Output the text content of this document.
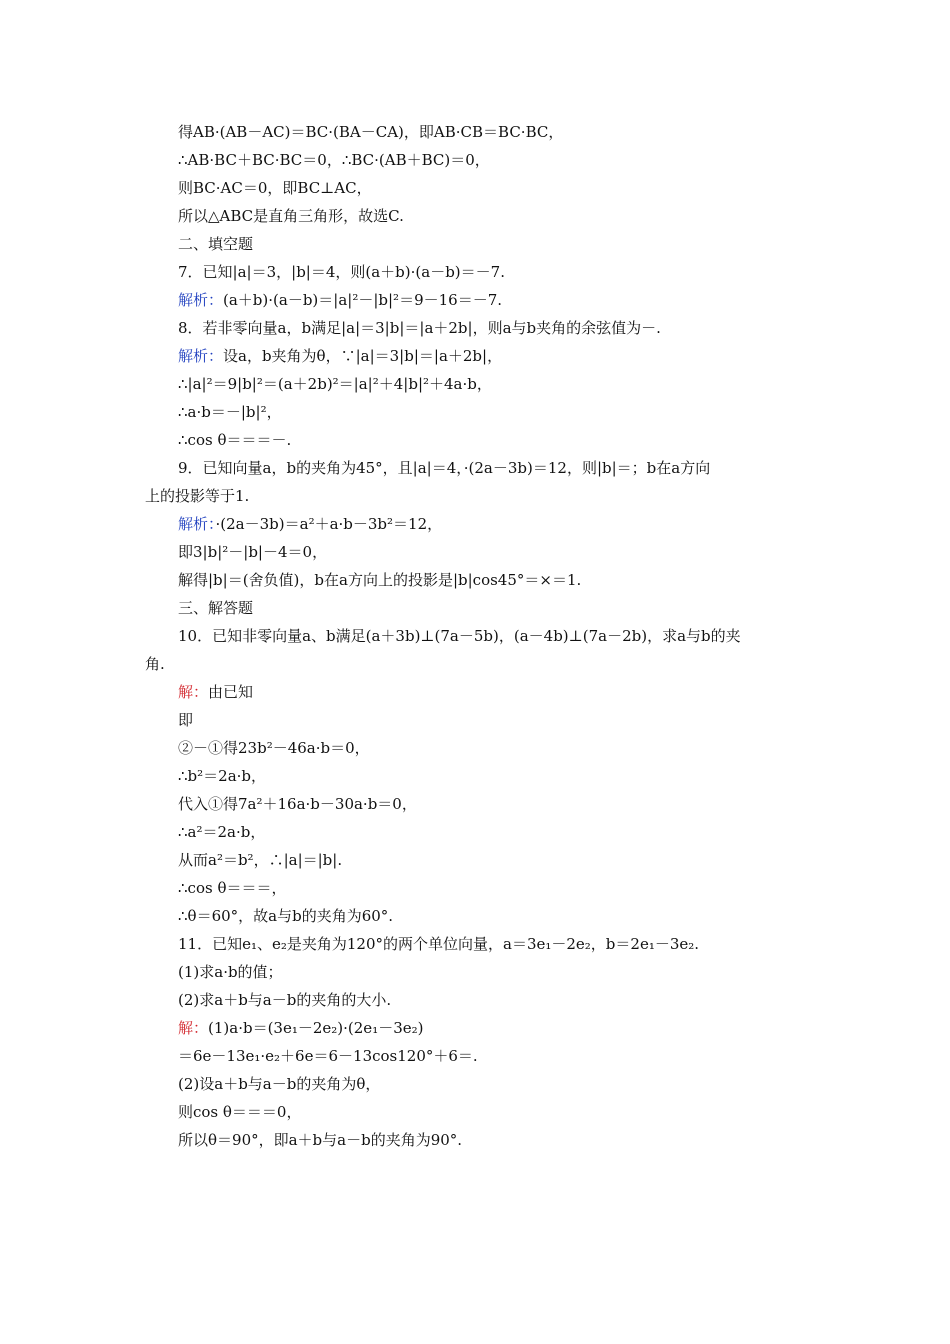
得AB·(AB－AC)＝BC·(BA－CA)，即AB·CB＝BC·BC，
∴AB·BC＋BC·BC＝0，∴BC·(AB＋BC)＝0，
则BC·AC＝0，即BC⊥AC，
所以△ABC是直角三角形，故选C.
二、填空题
7．已知|a|＝3，|b|＝4，则(a＋b)·(a－b)＝－7.
解析：(a＋b)·(a－b)＝|a|²－|b|²＝9－16＝－7.
8．若非零向量a，b满足|a|＝3|b|＝|a＋2b|，则a与b夹角的余弦值为－.
解析：设a，b夹角为θ，∵|a|＝3|b|＝|a＋2b|，
∴|a|²＝9|b|²＝(a＋2b)²＝|a|²＋4|b|²＋4a·b，
∴a·b＝－|b|²，
∴cos θ＝＝＝－.
9．已知向量a，b的夹角为45°，且|a|＝4，·(2a－3b)＝12，则|b|＝；b在a方向
上的投影等于1.
解析：·(2a－3b)＝a²＋a·b－3b²＝12，
即3|b|²－|b|－4＝0，
解得|b|＝(舍负值)，b在a方向上的投影是|b|cos45°＝×＝1.
三、解答题
10．已知非零向量a、b满足(a＋3b)⊥(7a－5b)，(a－4b)⊥(7a－2b)，求a与b的夹
角.
解：由已知
即
②－①得23b²－46a·b＝0，
∴b²＝2a·b，
代入①得7a²＋16a·b－30a·b＝0，
∴a²＝2a·b，
从而a²＝b²，∴|a|＝|b|.
∴cos θ＝＝＝，
∴θ＝60°，故a与b的夹角为60°.
11．已知e₁、e₂是夹角为120°的两个单位向量，a＝3e₁－2e₂，b＝2e₁－3e₂.
(1)求a·b的值；
(2)求a＋b与a－b的夹角的大小.
解：(1)a·b＝(3e₁－2e₂)·(2e₁－3e₂)
＝6e－13e₁·e₂＋6e＝6－13cos120°＋6＝.
(2)设a＋b与a－b的夹角为θ，
则cos θ＝＝＝0，
所以θ＝90°，即a＋b与a－b的夹角为90°.
